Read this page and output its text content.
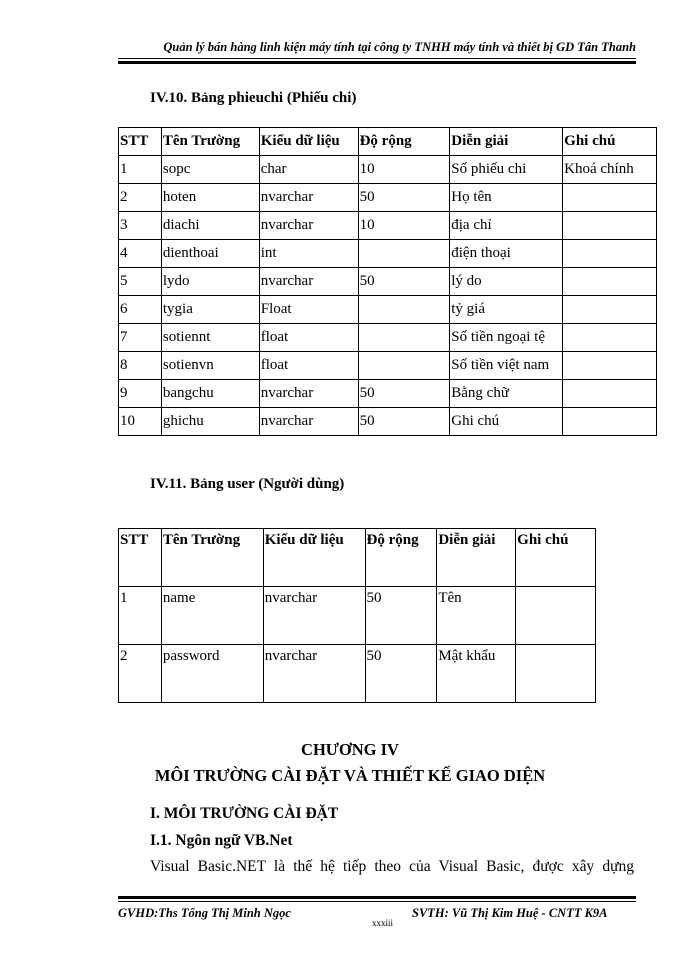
Quản lý bán hàng linh kiện máy tính tại công ty TNHH máy tính và thiết bị GD Tân Thanh
IV.10. Bảng phieuchi (Phiếu chi)
STT	Tên Trường	Kiểu dữ liệu	Độ rộng	Diễn giải	Ghi chú
1	sopc	char	10	Số phiếu chi	Khoá chính
2	hoten	nvarchar	50	Họ tên	
3	diachi	nvarchar	10	địa chỉ	
4	dienthoai	int		điện thoại	
5	lydo	nvarchar	50	lý do	
6	tygia	Float		tỷ giá	
7	sotiennt	float		Số tiền ngoại tệ	
8	sotienvn	float		Số tiền việt nam	
9	bangchu	nvarchar	50	Bằng chữ	
10	ghichu	nvarchar	50	Ghi chú	
IV.11. Bảng user (Người dùng)
STT	Tên Trường	Kiểu dữ liệu	Độ rộng	Diễn giải	Ghi chú
1	name	nvarchar	50	Tên	
2	password	nvarchar	50	Mật khẩu	
CHƯƠNG IV
MÔI TRƯỜNG CÀI ĐẶT VÀ THIẾT KẾ GIAO DIỆN
I. MÔI TRƯỜNG CÀI ĐẶT
I.1. Ngôn ngữ VB.Net
Visual Basic.NET là thế hệ tiếp theo của Visual Basic, được xây dựng
GVHD:Ths Tống Thị Minh Ngọc	SVTH: Vũ Thị Kim Huệ - CNTT K9A
xxxiii
